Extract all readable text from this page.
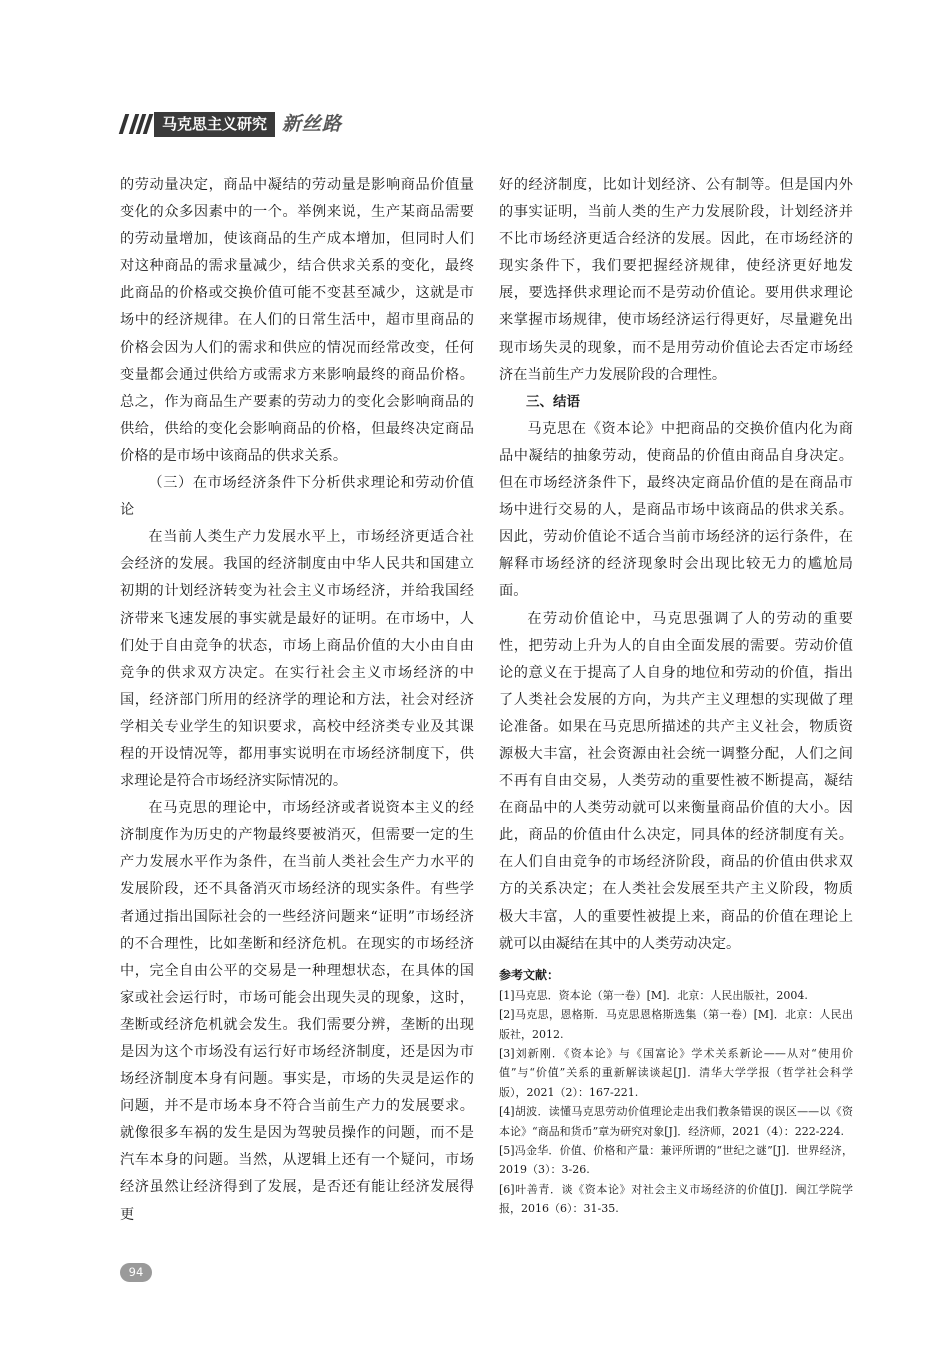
马克思主义研究 新丝路

的劳动量决定，商品中凝结的劳动量是影响商品价值量变化的众多因素中的一个。举例来说，生产某商品需要的劳动量增加，使该商品的生产成本增加，但同时人们对这种商品的需求量减少，结合供求关系的变化，最终此商品的价格或交换价值可能不变甚至减少，这就是市场中的经济规律。在人们的日常生活中，超市里商品的价格会因为人们的需求和供应的情况而经常改变，任何变量都会通过供给方或需求方来影响最终的商品价格。总之，作为商品生产要素的劳动力的变化会影响商品的供给，供给的变化会影响商品的价格，但最终决定商品价格的是市场中该商品的供求关系。

（三）在市场经济条件下分析供求理论和劳动价值论

在当前人类生产力发展水平上，市场经济更适合社会经济的发展。我国的经济制度由中华人民共和国建立初期的计划经济转变为社会主义市场经济，并给我国经济带来飞速发展的事实就是最好的证明。在市场中，人们处于自由竞争的状态，市场上商品价值的大小由自由竞争的供求双方决定。在实行社会主义市场经济的中国，经济部门所用的经济学的理论和方法，社会对经济学相关专业学生的知识要求，高校中经济类专业及其课程的开设情况等，都用事实说明在市场经济制度下，供求理论是符合市场经济实际情况的。

在马克思的理论中，市场经济或者说资本主义的经济制度作为历史的产物最终要被消灭，但需要一定的生产力发展水平作为条件，在当前人类社会生产力水平的发展阶段，还不具备消灭市场经济的现实条件。有些学者通过指出国际社会的一些经济问题来“证明”市场经济的不合理性，比如垄断和经济危机。在现实的市场经济中，完全自由公平的交易是一种理想状态，在具体的国家或社会运行时，市场可能会出现失灵的现象，这时，垄断或经济危机就会发生。我们需要分辨，垄断的出现是因为这个市场没有运行好市场经济制度，还是因为市场经济制度本身有问题。事实是，市场的失灵是运作的问题，并不是市场本身不符合当前生产力的发展要求。就像很多车祸的发生是因为驾驶员操作的问题，而不是汽车本身的问题。当然，从逻辑上还有一个疑问，市场经济虽然让经济得到了发展，是否还有能让经济发展得更

好的经济制度，比如计划经济、公有制等。但是国内外的事实证明，当前人类的生产力发展阶段，计划经济并不比市场经济更适合经济的发展。因此，在市场经济的现实条件下，我们要把握经济规律，使经济更好地发展，要选择供求理论而不是劳动价值论。要用供求理论来掌握市场规律，使市场经济运行得更好，尽量避免出现市场失灵的现象，而不是用劳动价值论去否定市场经济在当前生产力发展阶段的合理性。

三、结语

马克思在《资本论》中把商品的交换价值内化为商品中凝结的抽象劳动，使商品的价值由商品自身决定。但在市场经济条件下，最终决定商品价值的是在商品市场中进行交易的人，是商品市场中该商品的供求关系。因此，劳动价值论不适合当前市场经济的运行条件，在解释市场经济的经济现象时会出现比较无力的尴尬局面。

在劳动价值论中，马克思强调了人的劳动的重要性，把劳动上升为人的自由全面发展的需要。劳动价值论的意义在于提高了人自身的地位和劳动的价值，指出了人类社会发展的方向，为共产主义理想的实现做了理论准备。如果在马克思所描述的共产主义社会，物质资源极大丰富，社会资源由社会统一调整分配，人们之间不再有自由交易，人类劳动的重要性被不断提高，凝结在商品中的人类劳动就可以来衡量商品价值的大小。因此，商品的价值由什么决定，同具体的经济制度有关。在人们自由竞争的市场经济阶段，商品的价值由供求双方的关系决定；在人类社会发展至共产主义阶段，物质极大丰富，人的重要性被提上来，商品的价值在理论上就可以由凝结在其中的人类劳动决定。

参考文献：
[1]马克思．资本论（第一卷）[M]．北京：人民出版社，2004.
[2]马克思，恩格斯．马克思恩格斯选集（第一卷）[M]．北京：人民出版社，2012.
[3]刘新刚．《资本论》与《国富论》学术关系新论——从对“使用价值”与“价值”关系的重新解读谈起[J]．清华大学学报（哲学社会科学版），2021（2）：167-221.
[4]胡波．读懂马克思劳动价值理论走出我们教条错误的误区——以《资本论》“商品和货币”章为研究对象[J]．经济师，2021（4）：222-224.
[5]冯金华．价值、价格和产量：兼评所谓的“世纪之谜”[J]．世界经济，2019（3）：3-26.
[6]叶善青．谈《资本论》对社会主义市场经济的价值[J]．闽江学院学报，2016（6）：31-35.
94
